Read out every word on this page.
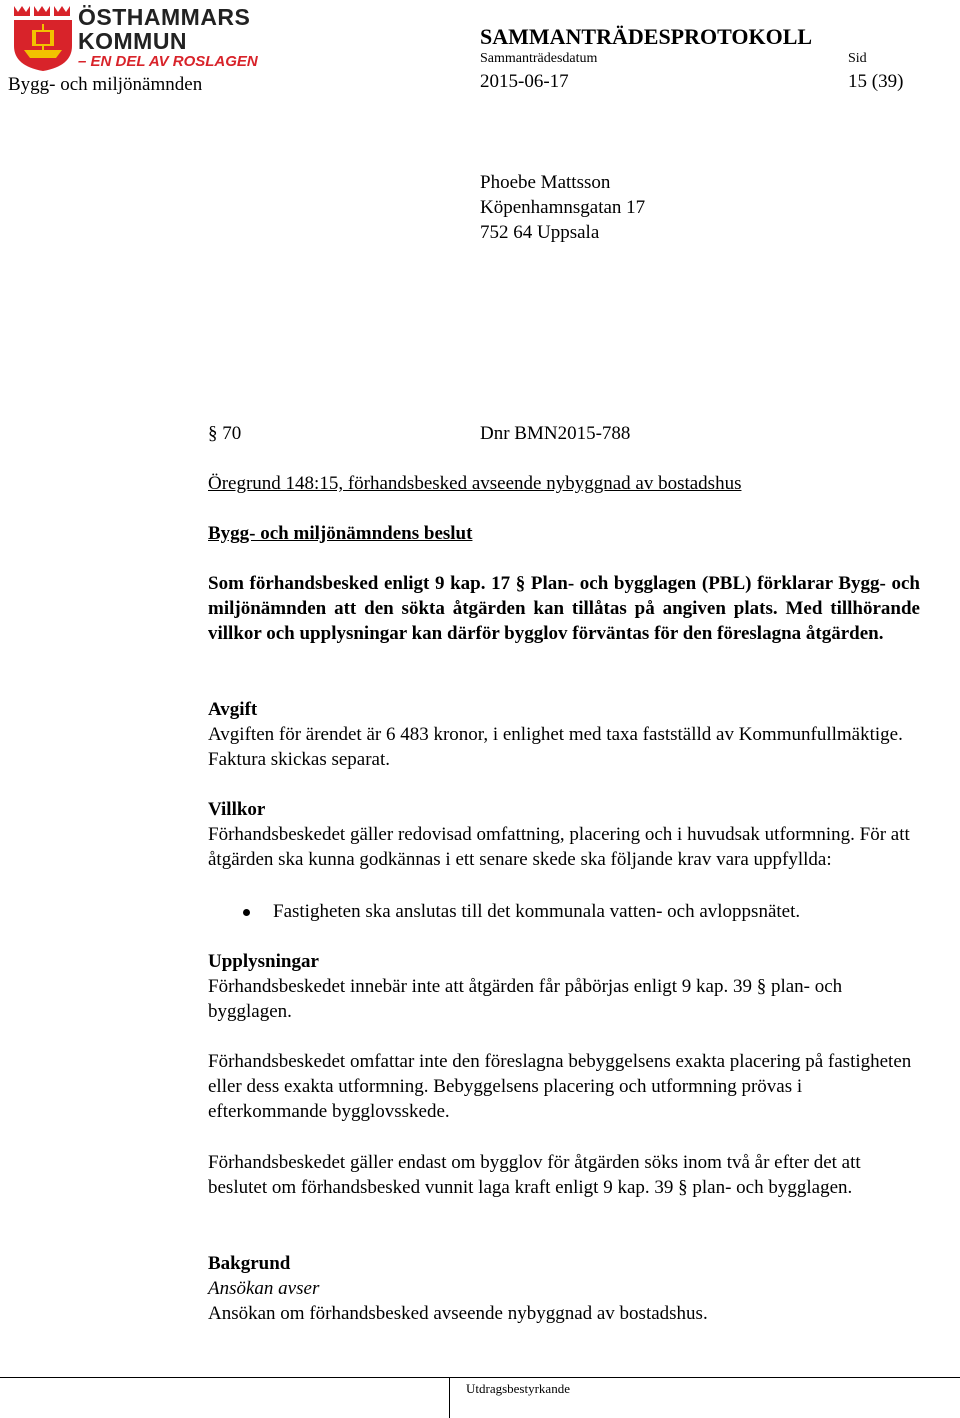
ÖSTHAMMARS
KOMMUN
– EN DEL AV ROSLAGEN
SAMMANTRÄDESPROTOKOLL
Sammanträdesdatum	Sid
Bygg- och miljönämnden	2015-06-17	15 (39)
Phoebe Mattsson
Köpenhamnsgatan 17
752 64 Uppsala
§ 70	Dnr BMN2015-788
Öregrund 148:15, förhandsbesked avseende nybyggnad av bostadshus
Bygg- och miljönämndens beslut

Som förhandsbesked enligt 9 kap. 17 § Plan- och bygglagen (PBL) förklarar Bygg- och miljönämnden att den sökta åtgärden kan tillåtas på angiven plats. Med tillhörande villkor och upplysningar kan därför bygglov förväntas för den föreslagna åtgärden.

Avgift

Avgiften för ärendet är 6 483 kronor, i enlighet med taxa fastställd av Kommunfullmäktige. Faktura skickas separat.

Villkor

Förhandsbeskedet gäller redovisad omfattning, placering och i huvudsak utformning. För att åtgärden ska kunna godkännas i ett senare skede ska följande krav vara uppfyllda:

Fastigheten ska anslutas till det kommunala vatten- och avloppsnätet.
Upplysningar

Förhandsbeskedet innebär inte att åtgärden får påbörjas enligt 9 kap. 39 § plan- och bygglagen.

Förhandsbeskedet omfattar inte den föreslagna bebyggelsens exakta placering på fastigheten eller dess exakta utformning. Bebyggelsens placering och utformning prövas i efterkommande bygglovsskede.

Förhandsbeskedet gäller endast om bygglov för åtgärden söks inom två år efter det att beslutet om förhandsbesked vunnit laga kraft enligt 9 kap. 39 § plan- och bygglagen.

Bakgrund
Ansökan avser
Ansökan om förhandsbesked avseende nybyggnad av bostadshus.
Utdragsbestyrkande
